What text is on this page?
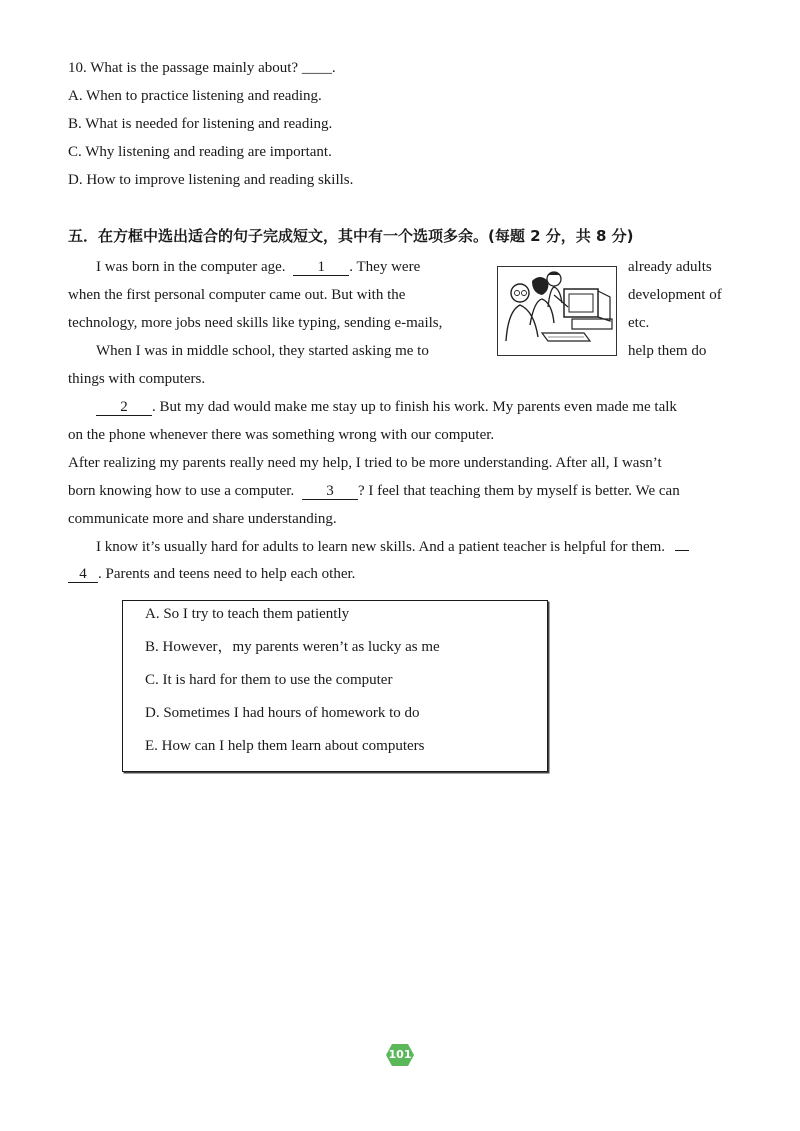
10. What is the passage mainly about? ____.
A. When to practice listening and reading.
B. What is needed for listening and reading.
C. Why listening and reading are important.
D. How to improve listening and reading skills.
五．在方框中选出适合的句子完成短文，其中有一个选项多余。(每题 2 分，共 8 分)
I was born in the computer age. 1 . They were	already adults
when the first personal computer came out. But with the	development of
technology, more jobs need skills like typing, sending e-mails,	etc.
When I was in middle school, they started asking me to	help them do
things with computers.
2 . But my dad would make me stay up to finish his work. My parents even made me talk
on the phone whenever there was something wrong with our computer.
After realizing my parents really need my help, I tried to be more understanding. After all, I wasn’t
born knowing how to use a computer. 3 ? I feel that teaching them by myself is better. We can
communicate more and share understanding.
I know it’s usually hard for adults to learn new skills. And a patient teacher is helpful for them.
4 . Parents and teens need to help each other.
A. So I try to teach them patiently
B. However，my parents weren’t as lucky as me
C. It is hard for them to use the computer
D. Sometimes I had hours of homework to do
E. How can I help them learn about computers
101
